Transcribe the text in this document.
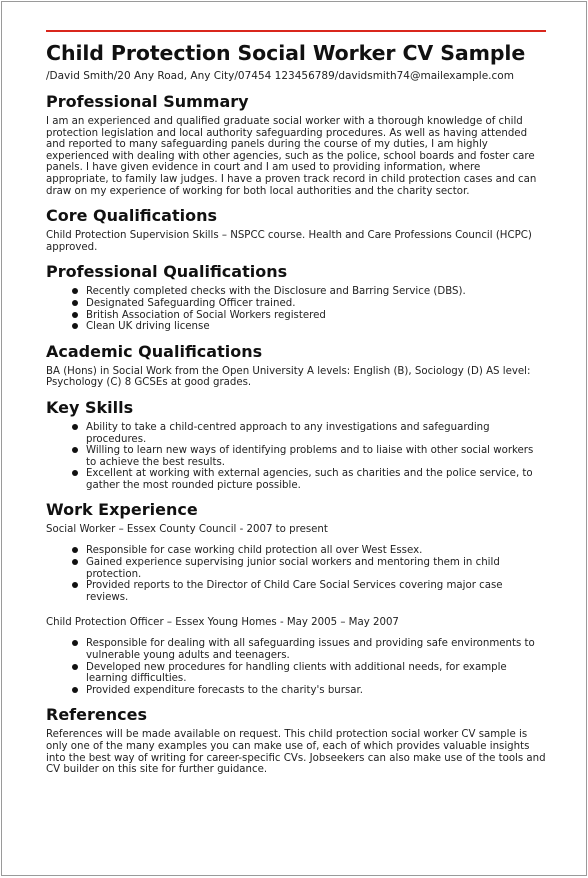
Child Protection Social Worker CV Sample
/David Smith/20 Any Road, Any City/07454 123456789/davidsmith74@mailexample.com
Professional Summary

I am an experienced and qualified graduate social worker with a thorough knowledge of child protection legislation and local authority safeguarding procedures. As well as having attended and reported to many safeguarding panels during the course of my duties, I am highly experienced with dealing with other agencies, such as the police, school boards and foster care panels. I have given evidence in court and I am used to providing information, where appropriate, to family law judges. I have a proven track record in child protection cases and can draw on my experience of working for both local authorities and the charity sector.

Core Qualifications

Child Protection Supervision Skills – NSPCC course. Health and Care Professions Council (HCPC) approved.

Professional Qualifications
Recently completed checks with the Disclosure and Barring Service (DBS).
Designated Safeguarding Officer trained.
British Association of Social Workers registered
Clean UK driving license
Academic Qualifications

BA (Hons) in Social Work from the Open University A levels: English (B), Sociology (D) AS level: Psychology (C) 8 GCSEs at good grades.

Key Skills
Ability to take a child-centred approach to any investigations and safeguarding procedures.
Willing to learn new ways of identifying problems and to liaise with other social workers to achieve the best results.
Excellent at working with external agencies, such as charities and the police service, to gather the most rounded picture possible.
Work Experience
Social Worker – Essex County Council - 2007 to present
Responsible for case working child protection all over West Essex.
Gained experience supervising junior social workers and mentoring them in child protection.
Provided reports to the Director of Child Care Social Services covering major case reviews.
Child Protection Officer – Essex Young Homes - May 2005 – May 2007
Responsible for dealing with all safeguarding issues and providing safe environments to vulnerable young adults and teenagers.
Developed new procedures for handling clients with additional needs, for example learning difficulties.
Provided expenditure forecasts to the charity's bursar.
References

References will be made available on request. This child protection social worker CV sample is only one of the many examples you can make use of, each of which provides valuable insights into the best way of writing for career-specific CVs. Jobseekers can also make use of the tools and CV builder on this site for further guidance.
